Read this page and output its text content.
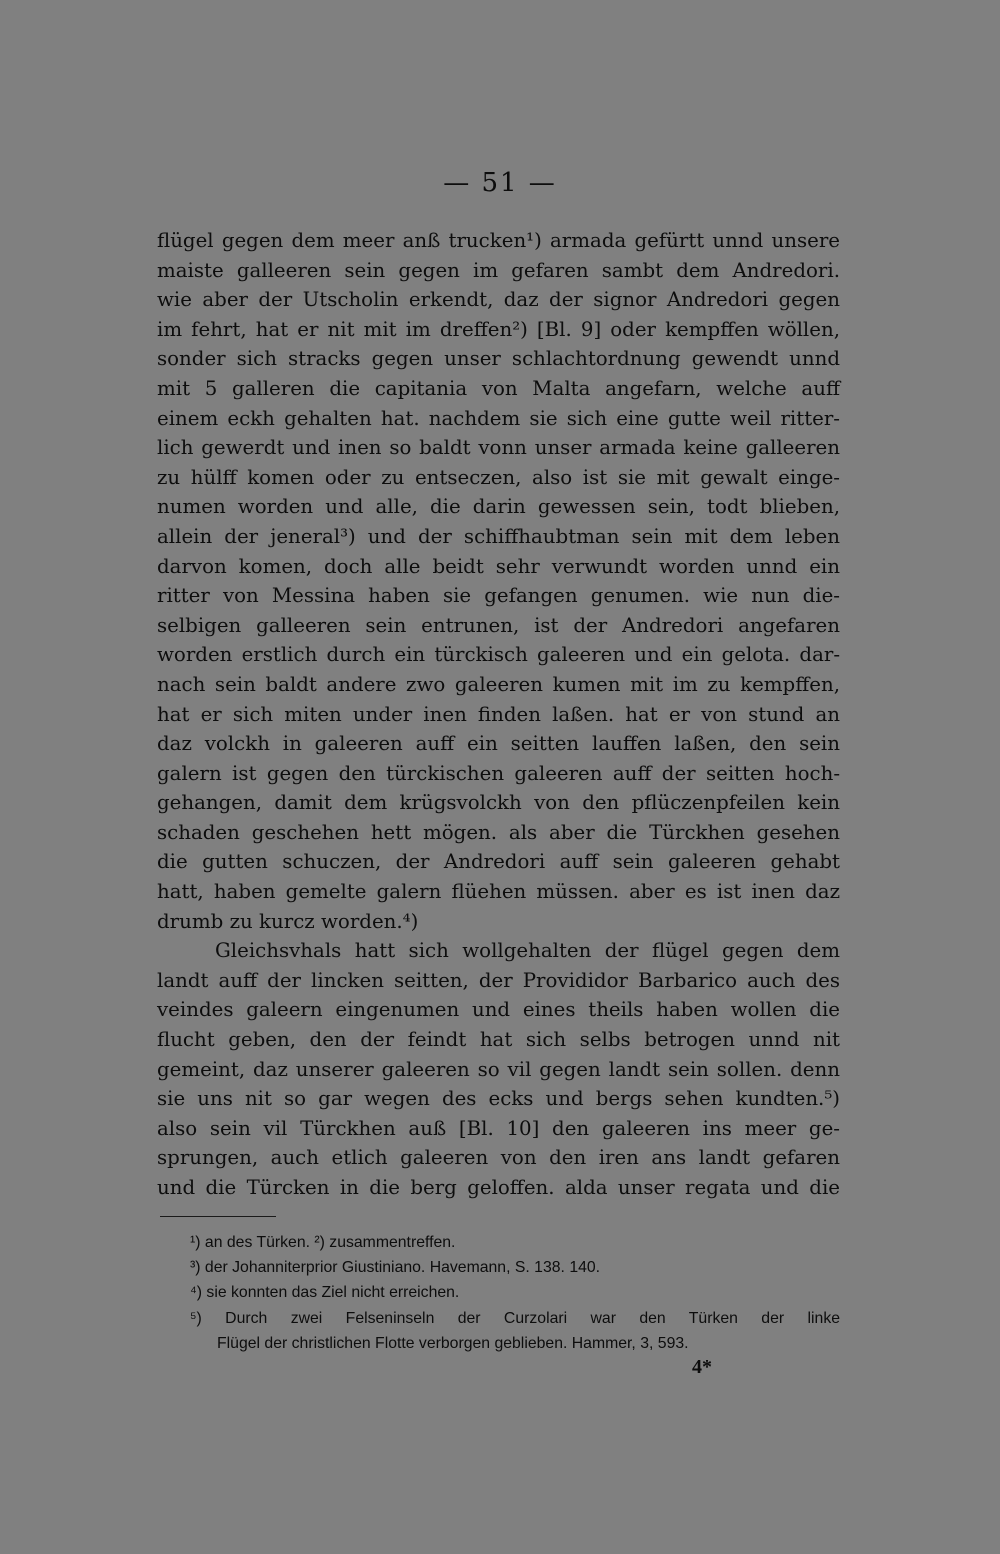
— 51 —
flügel gegen dem meer anß trucken¹) armada gefürtt unnd unsere
maiste galleeren sein gegen im gefaren sambt dem Andredori.
wie aber der Utscholin erkendt, daz der signor Andredori gegen
im fehrt, hat er nit mit im dreffen²) [Bl. 9] oder kempffen wöllen,
sonder sich stracks gegen unser schlachtordnung gewendt unnd
mit 5 galleren die capitania von Malta angefarn, welche auff
einem eckh gehalten hat. nachdem sie sich eine gutte weil ritter-
lich gewerdt und inen so baldt vonn unser armada keine galleeren
zu hülff komen oder zu entseczen, also ist sie mit gewalt einge-
numen worden und alle, die darin gewessen sein, todt blieben,
allein der jeneral³) und der schiffhaubtman sein mit dem leben
darvon komen, doch alle beidt sehr verwundt worden unnd ein
ritter von Messina haben sie gefangen genumen. wie nun die-
selbigen galleeren sein entrunen, ist der Andredori angefaren
worden erstlich durch ein türckisch galeeren und ein gelota. dar-
nach sein baldt andere zwo galeeren kumen mit im zu kempffen,
hat er sich miten under inen finden laßen. hat er von stund an
daz volckh in galeeren auff ein seitten lauffen laßen, den sein
galern ist gegen den türckischen galeeren auff der seitten hoch-
gehangen, damit dem krügsvolckh von den pflüczenpfeilen kein
schaden geschehen hett mögen. als aber die Türckhen gesehen
die gutten schuczen, der Andredori auff sein galeeren gehabt
hatt, haben gemelte galern flüehen müssen. aber es ist inen daz
drumb zu kurcz worden.⁴)
Gleichsvhals hatt sich wollgehalten der flügel gegen dem
landt auff der lincken seitten, der Provididor Barbarico auch des
veindes galeern eingenumen und eines theils haben wollen die
flucht geben, den der feindt hat sich selbs betrogen unnd nit
gemeint, daz unserer galeeren so vil gegen landt sein sollen. denn
sie uns nit so gar wegen des ecks und bergs sehen kundten.⁵)
also sein vil Türckhen auß [Bl. 10] den galeeren ins meer ge-
sprungen, auch etlich galeeren von den iren ans landt gefaren
und die Türcken in die berg geloffen. alda unser regata und die
¹) an des Türken. ²) zusammentreffen.
³) der Johanniterprior Giustiniano. Havemann, S. 138. 140.
⁴) sie konnten das Ziel nicht erreichen.
⁵) Durch zwei Felseninseln der Curzolari war den Türken der linke
Flügel der christlichen Flotte verborgen geblieben. Hammer, 3, 593.
4*
